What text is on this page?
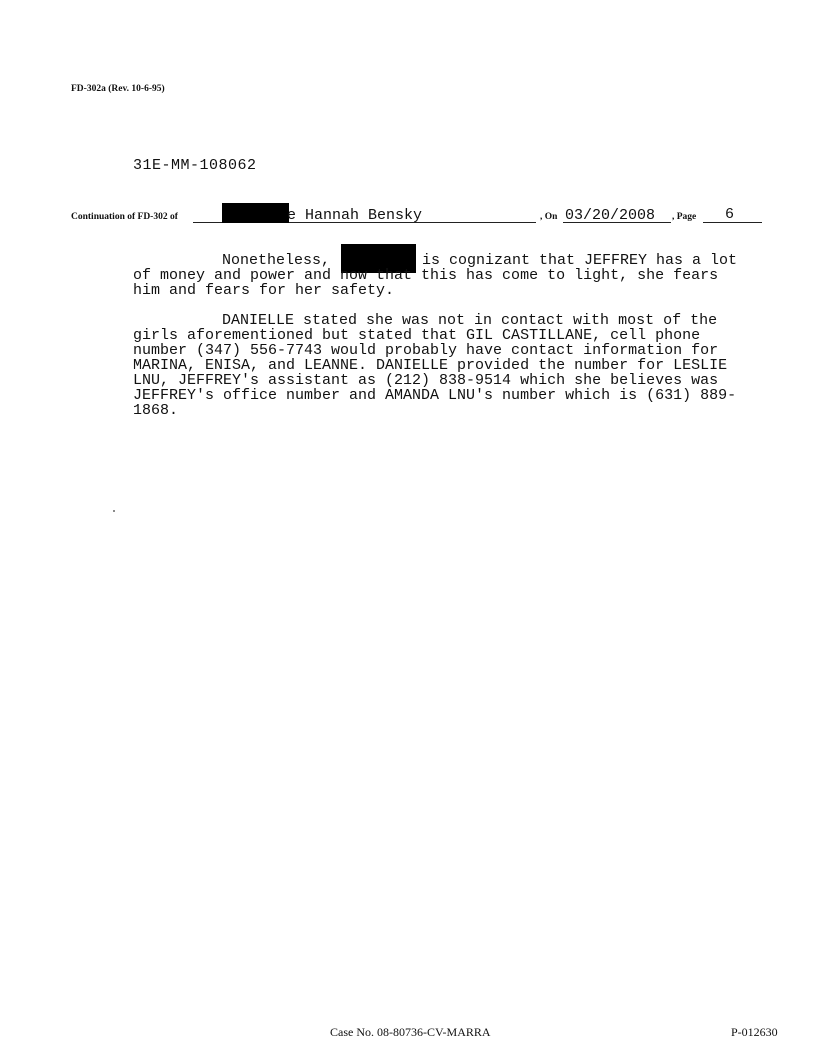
FD-302a (Rev. 10-6-95)
31E-MM-108062
Continuation of FD-302 of	e Hannah Bensky	, On 03/20/2008 , Page 6
Nonetheless,	is cognizant that JEFFREY has a lot
of money and power and now that this has come to light, she fears
him and fears for her safety.
DANIELLE stated she was not in contact with most of the
girls aforementioned but stated that GIL CASTILLANE, cell phone
number (347) 556-7743 would probably have contact information for
MARINA, ENISA, and LEANNE. DANIELLE provided the number for LESLIE
LNU, JEFFREY's assistant as (212) 838-9514 which she believes was
JEFFREY's office number and AMANDA LNU's number which is (631) 889-
1868.
Case No. 08-80736-CV-MARRA	P-012630
